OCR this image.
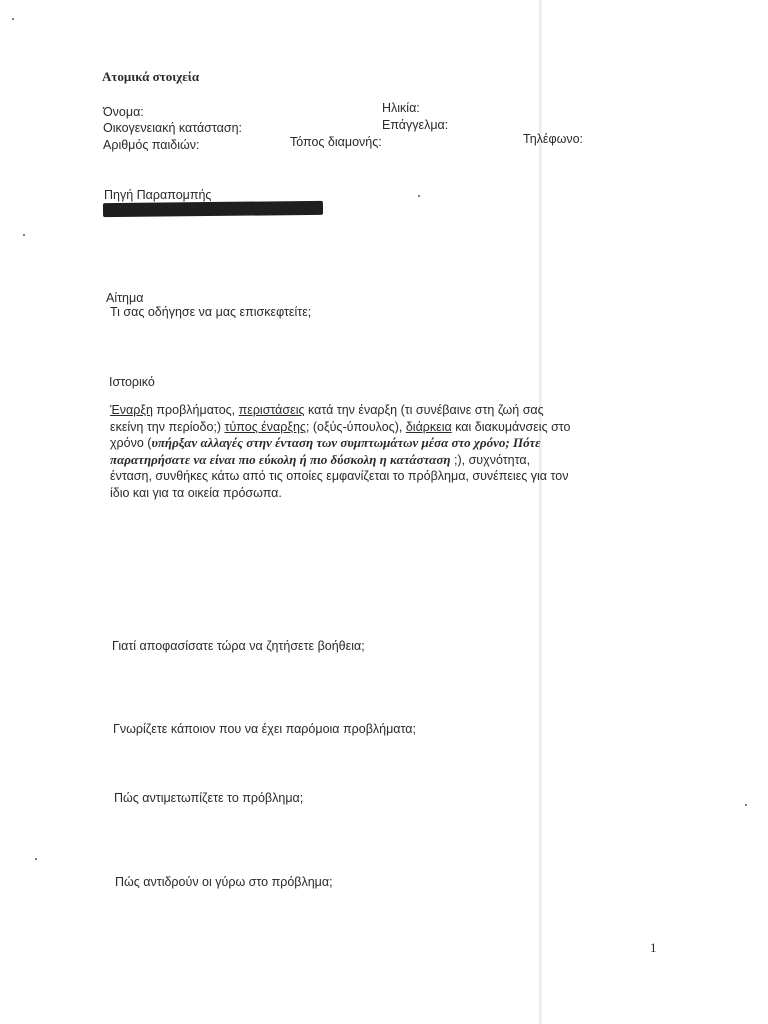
Ατομικά στοιχεία
Όνομα:	Ηλικία:
Οικογενειακή κατάσταση:	Επάγγελμα:
Αριθμός παιδιών:	Τόπος διαμονής:	Τηλέφωνο:
Πηγή Παραπομπής
Αίτημα
Τι σας οδήγησε να μας επισκεφτείτε;
Ιστορικό
Έναρξη προβλήματος, περιστάσεις κατά την έναρξη (τι συνέβαινε στη ζωή σας
εκείνη την περίοδο;) τύπος έναρξης; (οξύς-ύπουλος), διάρκεια και διακυμάνσεις στο
χρόνο (υπήρξαν αλλαγές στην ένταση των συμπτωμάτων μέσα στο χρόνο; Πότε
παρατηρήσατε να είναι πιο εύκολη ή πιο δύσκολη η κατάσταση ;), συχνότητα,
ένταση, συνθήκες κάτω από τις οποίες εμφανίζεται το πρόβλημα, συνέπειες για τον
ίδιο και για τα οικεία πρόσωπα.
Γιατί αποφασίσατε τώρα να ζητήσετε βοήθεια;
Γνωρίζετε κάποιον που να έχει παρόμοια προβλήματα;
Πώς αντιμετωπίζετε το πρόβλημα;
Πώς αντιδρούν οι γύρω στο πρόβλημα;
1
